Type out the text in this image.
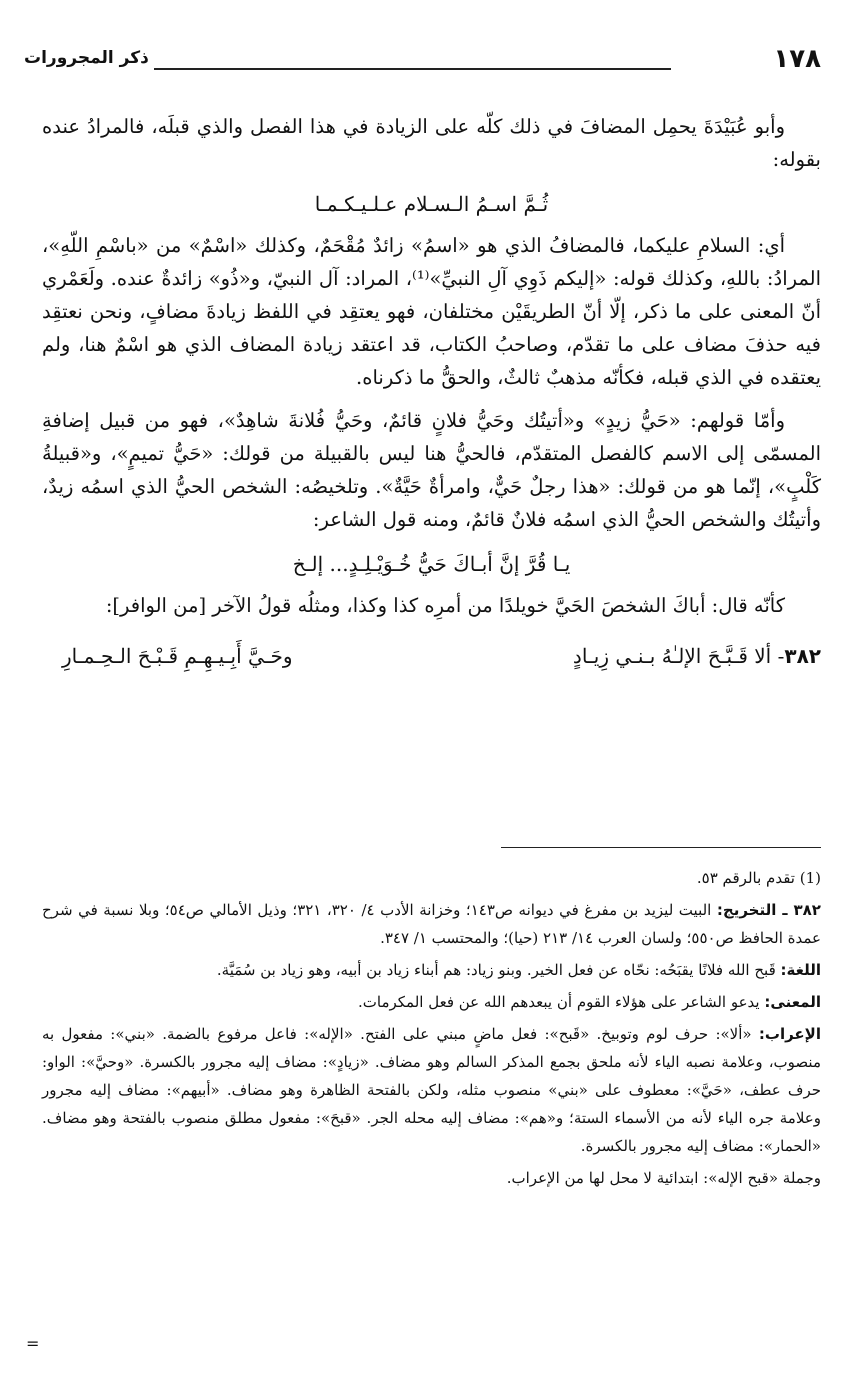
١٧٨
ذكر المجرورات

وأبو عُبَيْدَةَ يحمِل المضافَ في ذلك كلّه على الزيادة في هذا الفصل والذي قبلَه، فالمرادُ عنده بقوله:

ثُـمَّ اسـمُ الـسـلام عـلـيـكـمـا

أي: السلامِ عليكما، فالمضافُ الذي هو «اسمُ» زائدٌ مُقْحَمٌ، وكذلك «اسْمٌ» من «باسْمِ اللّهِ»، المرادُ: باللهِ، وكذلك قوله: «إليكم ذَوِي آلِ النبيِّ»⁽¹⁾، المراد: آل النبيّ، و«ذُو» زائدةٌ عنده. ولَعَمْري أنّ المعنى على ما ذكر، إلّا أنّ الطريقَيْن مختلفان، فهو يعتقِد في اللفظ زيادةَ مضافٍ، ونحن نعتقِد فيه حذفَ مضاف على ما تقدّم، وصاحبُ الكتاب، قد اعتقد زيادة المضاف الذي هو اسْمٌ هنا، ولم يعتقده في الذي قبله، فكأنّه مذهبٌ ثالثٌ، والحقُّ ما ذكرناه.

وأمّا قولهم: «حَيُّ زيدٍ» و«أتيتُك وحَيُّ فلانٍ قائمٌ، وحَيُّ فُلانةَ شاهِدٌ»، فهو من قبيل إضافةِ المسمّى إلى الاسم كالفصل المتقدّم، فالحيُّ هنا ليس بالقبيلة من قولك: «حَيُّ تميمٍ»، و«قبيلةُ كَلْبٍ»، إنّما هو من قولك: «هذا رجلٌ حَيٌّ، وامرأةٌ حَيَّةٌ». وتلخيصُه: الشخص الحيُّ الذي اسمُه زيدٌ، وأتيتُك والشخص الحيُّ الذي اسمُه فلانٌ قائمٌ، ومنه قول الشاعر:

يـا قُرَّ إنَّ أبـاكَ حَيُّ خُـوَيْـلِـدٍ... إلـخ

كأنّه قال: أباكَ الشخصَ الحَيَّ خويلدًا من أمرِه كذا وكذا، ومثلُه قولُ الآخر [من الوافر]:

٣٨٢- ألا قَـبَّـحَ الإلـٰهُ بـنـي زِيـادٍ
وحَـيَّ أَبِـيـهِـمِ قَـبْـحَ الـحِـمـارِ

(1) تقدم بالرقم ٥٣.

٣٨٢ ـ التخريج: البيت ليزيد بن مفرغ في ديوانه ص١٤٣؛ وخزانة الأدب ٤/ ٣٢٠، ٣٢١؛ وذيل الأمالي ص٥٤؛ وبلا نسبة في شرح عمدة الحافظ ص٥٥٠؛ ولسان العرب ١٤/ ٢١٣ (حيا)؛ والمحتسب ١/ ٣٤٧.

اللغة: قَبح الله فلانًا يقبَحُه: نحّاه عن فعل الخير. وبنو زياد: هم أبناء زياد بن أبيه، وهو زياد بن سُمَيَّة.

المعنى: يدعو الشاعر على هؤلاء القوم أن يبعدهم الله عن فعل المكرمات.

الإعراب: «ألا»: حرف لوم وتوبيخ. «قَبح»: فعل ماضٍ مبني على الفتح. «الإله»: فاعل مرفوع بالضمة. «بني»: مفعول به منصوب، وعلامة نصبه الياء لأنه ملحق بجمع المذكر السالم وهو مضاف. «زيادٍ»: مضاف إليه مجرور بالكسرة. «وحيَّ»: الواو: حرف عطف، «حَيَّ»: معطوف على «بني» منصوب مثله، ولكن بالفتحة الظاهرة وهو مضاف. «أبيهم»: مضاف إليه مجرور وعلامة جره الياء لأنه من الأسماء الستة؛ و«هم»: مضاف إليه محله الجر. «قبحَ»: مفعول مطلق منصوب بالفتحة وهو مضاف. «الحمار»: مضاف إليه مجرور بالكسرة.

وجملة «قبح الإله»: ابتدائية لا محل لها من الإعراب.

=
